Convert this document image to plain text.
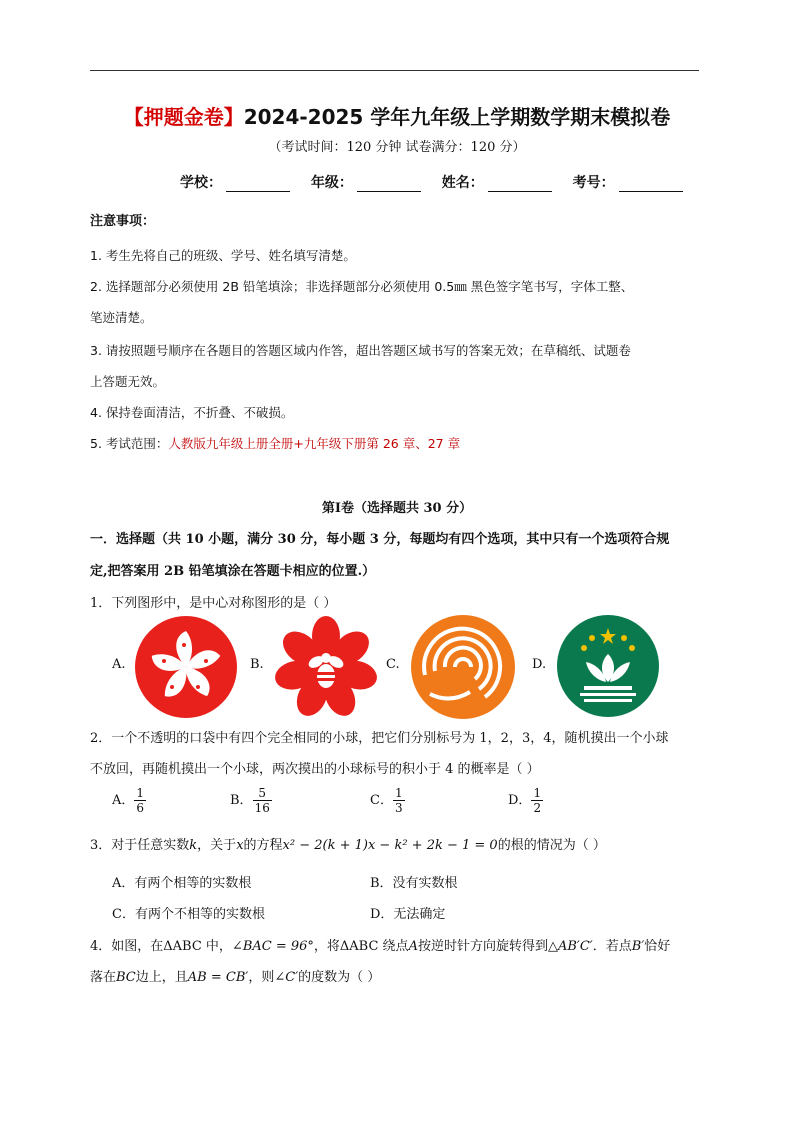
【押题金卷】2024-2025 学年九年级上学期数学期末模拟卷
（考试时间：120 分钟 试卷满分：120 分）
学校：	年级：	姓名：	考号：
注意事项：
1. 考生先将自己的班级、学号、姓名填写清楚。
2. 选择题部分必须使用 2B 铅笔填涂；非选择题部分必须使用 0.5㎜ 黑色签字笔书写，字体工整、
笔迹清楚。
3. 请按照题号顺序在各题目的答题区域内作答，超出答题区域书写的答案无效；在草稿纸、试题卷
上答题无效。
4. 保持卷面清洁，不折叠、不破损。
5. 考试范围：人教版九年级上册全册+九年级下册第 26 章、27 章
第Ⅰ卷（选择题共 30 分）
一．选择题（共 10 小题，满分 30 分，每小题 3 分，每题均有四个选项，其中只有一个选项符合规
定,把答案用 2B 铅笔填涂在答题卡相应的位置.）
1．下列图形中，是中心对称图形的是（ ）
A.	B.	C.	D.
2．一个不透明的口袋中有四个完全相同的小球，把它们分别标号为 1，2，3，4，随机摸出一个小球
不放回，再随机摸出一个小球，两次摸出的小球标号的积小于 4 的概率是（ ）
A． $\frac{1}{6}$	B． $\frac{5}{16}$	C． $\frac{1}{3}$	D． $\frac{1}{2}$
3．对于任意实数k，关于x的方程x² − 2(k + 1)x − k² + 2k − 1 = 0的根的情况为（ ）
A．有两个相等的实数根	B．没有实数根
C．有两个不相等的实数根	D．无法确定
4．如图，在ΔABC 中，∠BAC = 96°，将ΔABC 绕点A按逆时针方向旋转得到△AB′C′．若点B′恰好
落在BC边上，且AB = CB′，则∠C′的度数为（ ）
